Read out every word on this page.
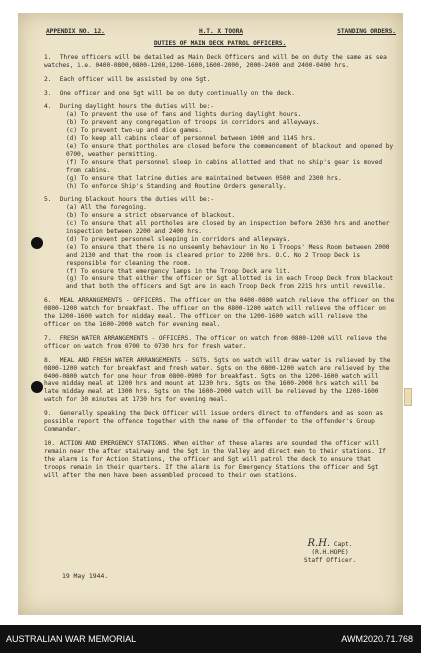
APPENDIX NO. 12.	H.T. X TOORA	STANDING ORDERS.
DUTIES OF MAIN DECK PATROL OFFICERS.
1. Three officers will be detailed as Main Deck Officers and will be on duty the same as sea watches, i.e. 0400-0800,0800-1200,1200-1600,1600-2000, 2000-2400 and 2400-0400 hrs.
2. Each officer will be assisted by one Sgt.
3. One officer and one Sgt will be on duty continually on the deck.
4. During daylight hours the duties will be:-
(a) To prevent the use of fans and lights during daylight hours.
(b) To prevent any congregation of troops in corridors and alleyways.
(c) To prevent two-up and dice games.
(d) To keep all cabins clear of personnel between 1000 and 1145 hrs.
(e) To ensure that portholes are closed before the commencement of blackout and opened by 0700, weather permitting.
(f) To ensure that personnel sleep in cabins allotted and that no ship's gear is moved from cabins.
(g) To ensure that latrine duties are maintained between 0500 and 2300 hrs.
(h) To enforce Ship's Standing and Routine Orders generally.
5. During blackout hours the duties will be:-
(a) All the foregoing.
(b) To ensure a strict observance of blackout.
(c) To ensure that all portholes are closed by an inspection before 2030 hrs and another inspection between 2200 and 2400 hrs.
(d) To prevent personnel sleeping in corridors and alleyways.
(e) To ensure that there is no unseemly behaviour in No 1 Troops' Mess Room between 2000 and 2130 and that the room is cleared prior to 2200 hrs. O.C. No 2 Troop Deck is responsible for cleaning the room.
(f) To ensure that emergency lamps in the Troop Deck are lit.
(g) To ensure that either the officer or Sgt allotted is in each Troop Deck from blackout and that both the officers and Sgt are in each Troop Deck from 2215 hrs until reveille.
6. MEAL ARRANGEMENTS - OFFICERS. The officer on the 0400-0800 watch relieve the officer on the 0800-1200 watch for breakfast. The officer on the 0800-1200 watch will relieve the officer on the 1200-1600 watch for midday meal. The officer on the 1200-1600 watch will relieve the officer on the 1600-2000 watch for evening meal.
7. FRESH WATER ARRANGEMENTS - OFFICERS. The officer on watch from 0800-1200 will relieve the officer on watch from 0700 to 0730 hrs for fresh water.
8. MEAL AND FRESH WATER ARRANGEMENTS - SGTS. Sgts on watch will draw water is relieved by the 0800-1200 watch for breakfast and fresh water. Sgts on the 0800-1200 watch are relieved by the 0400-0800 watch for one hour from 0800-0900 for breakfast. Sgts on the 1200-1600 watch will have midday meal at 1200 hrs and mount at 1230 hrs. Sgts on the 1600-2000 hrs watch will be late midday meal at 1300 hrs. Sgts on the 1600-2000 watch will be relieved by the 1200-1600 watch for 30 minutes at 1730 hrs for evening meal.
9. Generally speaking the Deck Officer will issue orders direct to offenders and as soon as possible report the offence together with the name of the offender to the offender's Group Commander.
10. ACTION AND EMERGENCY STATIONS. When either of these alarms are sounded the officer will remain near the after stairway and the Sgt in the Valley and direct men to their stations. If the alarm is for Action Stations, the officer and Sgt will patrol the deck to ensure that troops remain in their quarters. If the alarm is for Emergency Stations the officer and Sgt will after the men have been assembled proceed to their own stations.
R.H. Capt.
(R.H.HOPE)
Staff Officer.
19 May 1944.
AUSTRALIAN WAR MEMORIAL	AWM2020.71.768
